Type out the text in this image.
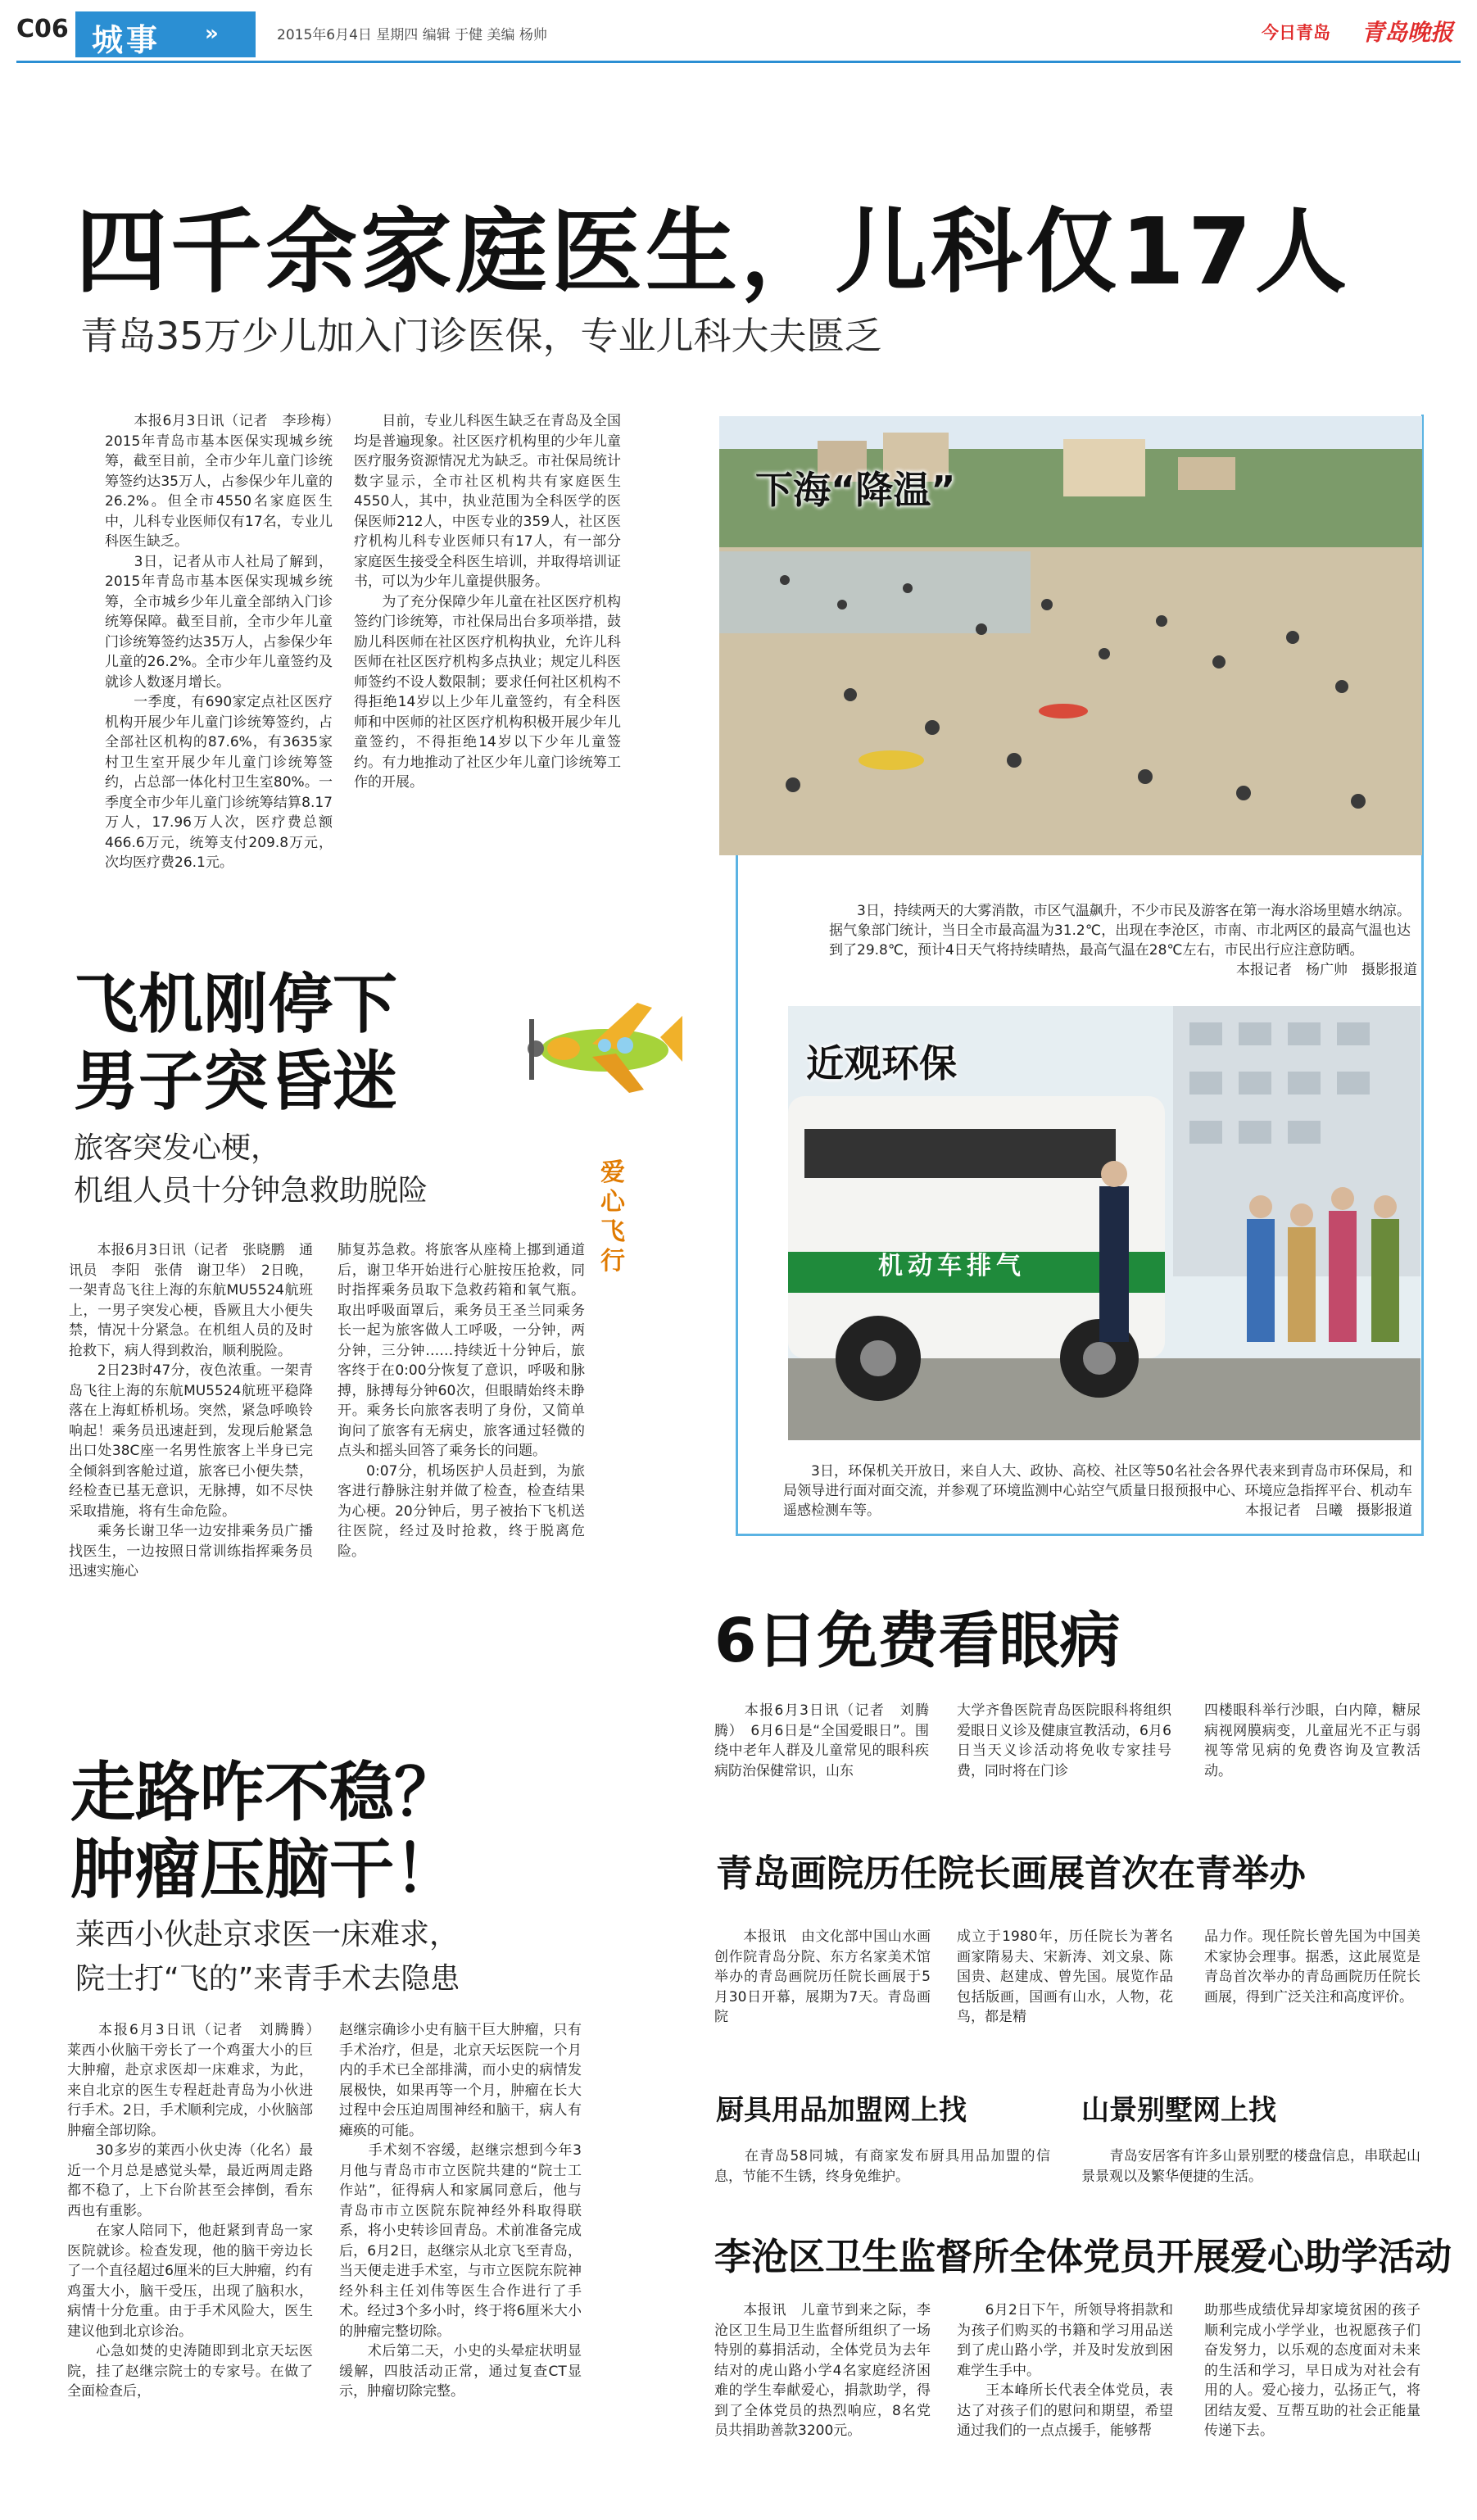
C06 城事 »	2015年6月4日 星期四 编辑 于健 美编 杨帅	今日青岛 青岛晚报
四千余家庭医生，儿科仅17人
青岛35万少儿加入门诊医保，专业儿科大夫匮乏
　　本报6月3日讯（记者　李珍梅）　2015年青岛市基本医保实现城乡统筹，截至目前，全市少年儿童门诊统筹签约达35万人，占参保少年儿童的26.2%。但全市4550名家庭医生中，儿科专业医师仅有17名，专业儿科医生缺乏。
　　3日，记者从市人社局了解到，2015年青岛市基本医保实现城乡统筹，全市城乡少年儿童全部纳入门诊统筹保障。截至目前，全市少年儿童门诊统筹签约达35万人，占参保少年儿童的26.2%。全市少年儿童签约及就诊人数逐月增长。
　　一季度，有690家定点社区医疗机构开展少年儿童门诊统筹签约，占全部社区机构的87.6%，有3635家村卫生室开展少年儿童门诊统筹签约，占总部一体化村卫生室80%。一季度全市少年儿童门诊统筹结算8.17万人，17.96万人次，医疗费总额466.6万元，统筹支付209.8万元，次均医疗费26.1元。
　　目前，专业儿科医生缺乏在青岛及全国均是普遍现象。社区医疗机构里的少年儿童医疗服务资源情况尤为缺乏。市社保局统计数字显示，全市社区机构共有家庭医生4550人，其中，执业范围为全科医学的医保医师212人，中医专业的359人，社区医疗机构儿科专业医师只有17人，有一部分家庭医生接受全科医生培训，并取得培训证书，可以为少年儿童提供服务。
　　为了充分保障少年儿童在社区医疗机构签约门诊统筹，市社保局出台多项举措，鼓励儿科医师在社区医疗机构执业，允许儿科医师在社区医疗机构多点执业；规定儿科医师签约不设人数限制；要求任何社区机构不得拒绝14岁以上少年儿童签约，有全科医师和中医师的社区医疗机构积极开展少年儿童签约，不得拒绝14岁以下少年儿童签约。有力地推动了社区少年儿童门诊统筹工作的开展。
下海“降温”
3日，持续两天的大雾消散，市区气温飙升，不少市民及游客在第一海水浴场里嬉水纳凉。据气象部门统计，当日全市最高温为31.2℃，出现在李沧区，市南、市北两区的最高气温也达到了29.8℃，预计4日天气将持续晴热，最高气温在28℃左右，市民出行应注意防晒。
本报记者　杨广帅　摄影报道
近观环保
机动车排气
3日，环保机关开放日，来自人大、政协、高校、社区等50名社会各界代表来到青岛市环保局，和局领导进行面对面交流，并参观了环境监测中心站空气质量日报预报中心、环境应急指挥平台、机动车遥感检测车等。	本报记者　吕曦　摄影报道
飞机刚停下
男子突昏迷
旅客突发心梗，
机组人员十分钟急救助脱险
爱心飞行
　　本报6月3日讯（记者　张晓鹏　通讯员　李阳　张倩　谢卫华）　2日晚，一架青岛飞往上海的东航MU5524航班上，一男子突发心梗，昏厥且大小便失禁，情况十分紧急。在机组人员的及时抢救下，病人得到救治，顺利脱险。
　　2日23时47分，夜色浓重。一架青岛飞往上海的东航MU5524航班平稳降落在上海虹桥机场。突然，紧急呼唤铃响起！乘务员迅速赶到，发现后舱紧急出口处38C座一名男性旅客上半身已完全倾斜到客舱过道，旅客已小便失禁，经检查已基无意识，无脉搏，如不尽快采取措施，将有生命危险。
　　乘务长谢卫华一边安排乘务员广播找医生，一边按照日常训练指挥乘务员迅速实施心
肺复苏急救。将旅客从座椅上挪到通道后，谢卫华开始进行心脏按压抢救，同时指挥乘务员取下急救药箱和氧气瓶。取出呼吸面罩后，乘务员王圣兰同乘务长一起为旅客做人工呼吸，一分钟，两分钟，三分钟……持续近十分钟后，旅客终于在0:00分恢复了意识，呼吸和脉搏，脉搏每分钟60次，但眼睛始终未睁开。乘务长向旅客表明了身份，又简单询问了旅客有无病史，旅客通过轻微的点头和摇头回答了乘务长的问题。
　　0:07分，机场医护人员赶到，为旅客进行静脉注射并做了检查，检查结果为心梗。20分钟后，男子被抬下飞机送往医院，经过及时抢救，终于脱离危险。
走路咋不稳？
肿瘤压脑干！
莱西小伙赴京求医一床难求，
院士打“飞的”来青手术去隐患
　　本报6月3日讯（记者　刘腾腾）　莱西小伙脑干旁长了一个鸡蛋大小的巨大肿瘤，赴京求医却一床难求，为此，来自北京的医生专程赶赴青岛为小伙进行手术。2日，手术顺利完成，小伙脑部肿瘤全部切除。
　　30多岁的莱西小伙史涛（化名）最近一个月总是感觉头晕，最近两周走路都不稳了，上下台阶甚至会摔倒，看东西也有重影。
　　在家人陪同下，他赶紧到青岛一家医院就诊。检查发现，他的脑干旁边长了一个直径超过6厘米的巨大肿瘤，约有鸡蛋大小，脑干受压，出现了脑积水，病情十分危重。由于手术风险大，医生建议他到北京诊治。
　　心急如焚的史涛随即到北京天坛医院，挂了赵继宗院士的专家号。在做了全面检查后，
赵继宗确诊小史有脑干巨大肿瘤，只有手术治疗，但是，北京天坛医院一个月内的手术已全部排满，而小史的病情发展极快，如果再等一个月，肿瘤在长大过程中会压迫周围神经和脑干，病人有瘫痪的可能。
　　手术刻不容缓，赵继宗想到今年3月他与青岛市市立医院共建的“院士工作站”，征得病人和家属同意后，他与青岛市市立医院东院神经外科取得联系，将小史转诊回青岛。术前准备完成后，6月2日，赵继宗从北京飞至青岛，当天便走进手术室，与市立医院东院神经外科主任刘伟等医生合作进行了手术。经过3个多小时，终于将6厘米大小的肿瘤完整切除。
　　术后第二天，小史的头晕症状明显缓解，四肢活动正常，通过复查CT显示，肿瘤切除完整。
6日免费看眼病
　　本报6月3日讯（记者　刘腾腾）　6月6日是“全国爱眼日”。围绕中老年人群及儿童常见的眼科疾病防治保健常识，山东
大学齐鲁医院青岛医院眼科将组织爱眼日义诊及健康宣教活动，6月6日当天义诊活动将免收专家挂号费，同时将在门诊
四楼眼科举行沙眼，白内障，糖尿病视网膜病变，儿童屈光不正与弱视等常见病的免费咨询及宣教活动。
青岛画院历任院长画展首次在青举办
　　本报讯　由文化部中国山水画创作院青岛分院、东方名家美术馆举办的青岛画院历任院长画展于5月30日开幕，展期为7天。青岛画院
成立于1980年，历任院长为著名画家隋易夫、宋新涛、刘文泉、陈国贵、赵建成、曾先国。展览作品包括版画，国画有山水，人物，花鸟，都是精
品力作。现任院长曾先国为中国美术家协会理事。据悉，这此展览是青岛首次举办的青岛画院历任院长画展，得到广泛关注和高度评价。
厨具用品加盟网上找
　　在青岛58同城，有商家发布厨具用品加盟的信息，节能不生锈，终身免维护。
山景别墅网上找
　　青岛安居客有许多山景别墅的楼盘信息，串联起山景景观以及繁华便捷的生活。
李沧区卫生监督所全体党员开展爱心助学活动
　　本报讯　儿童节到来之际，李沧区卫生局卫生监督所组织了一场特别的募捐活动，全体党员为去年结对的虎山路小学4名家庭经济困难的学生奉献爱心，捐款助学，得到了全体党员的热烈响应，8名党员共捐助善款3200元。
　　6月2日下午，所领导将捐款和为孩子们购买的书籍和学习用品送到了虎山路小学，并及时发放到困难学生手中。
　　王本峰所长代表全体党员，表达了对孩子们的慰问和期望，希望通过我们的一点点援手，能够帮
助那些成绩优异却家境贫困的孩子顺利完成小学学业，也祝愿孩子们奋发努力，以乐观的态度面对未来的生活和学习，早日成为对社会有用的人。爱心接力，弘扬正气，将团结友爱、互帮互助的社会正能量传递下去。
